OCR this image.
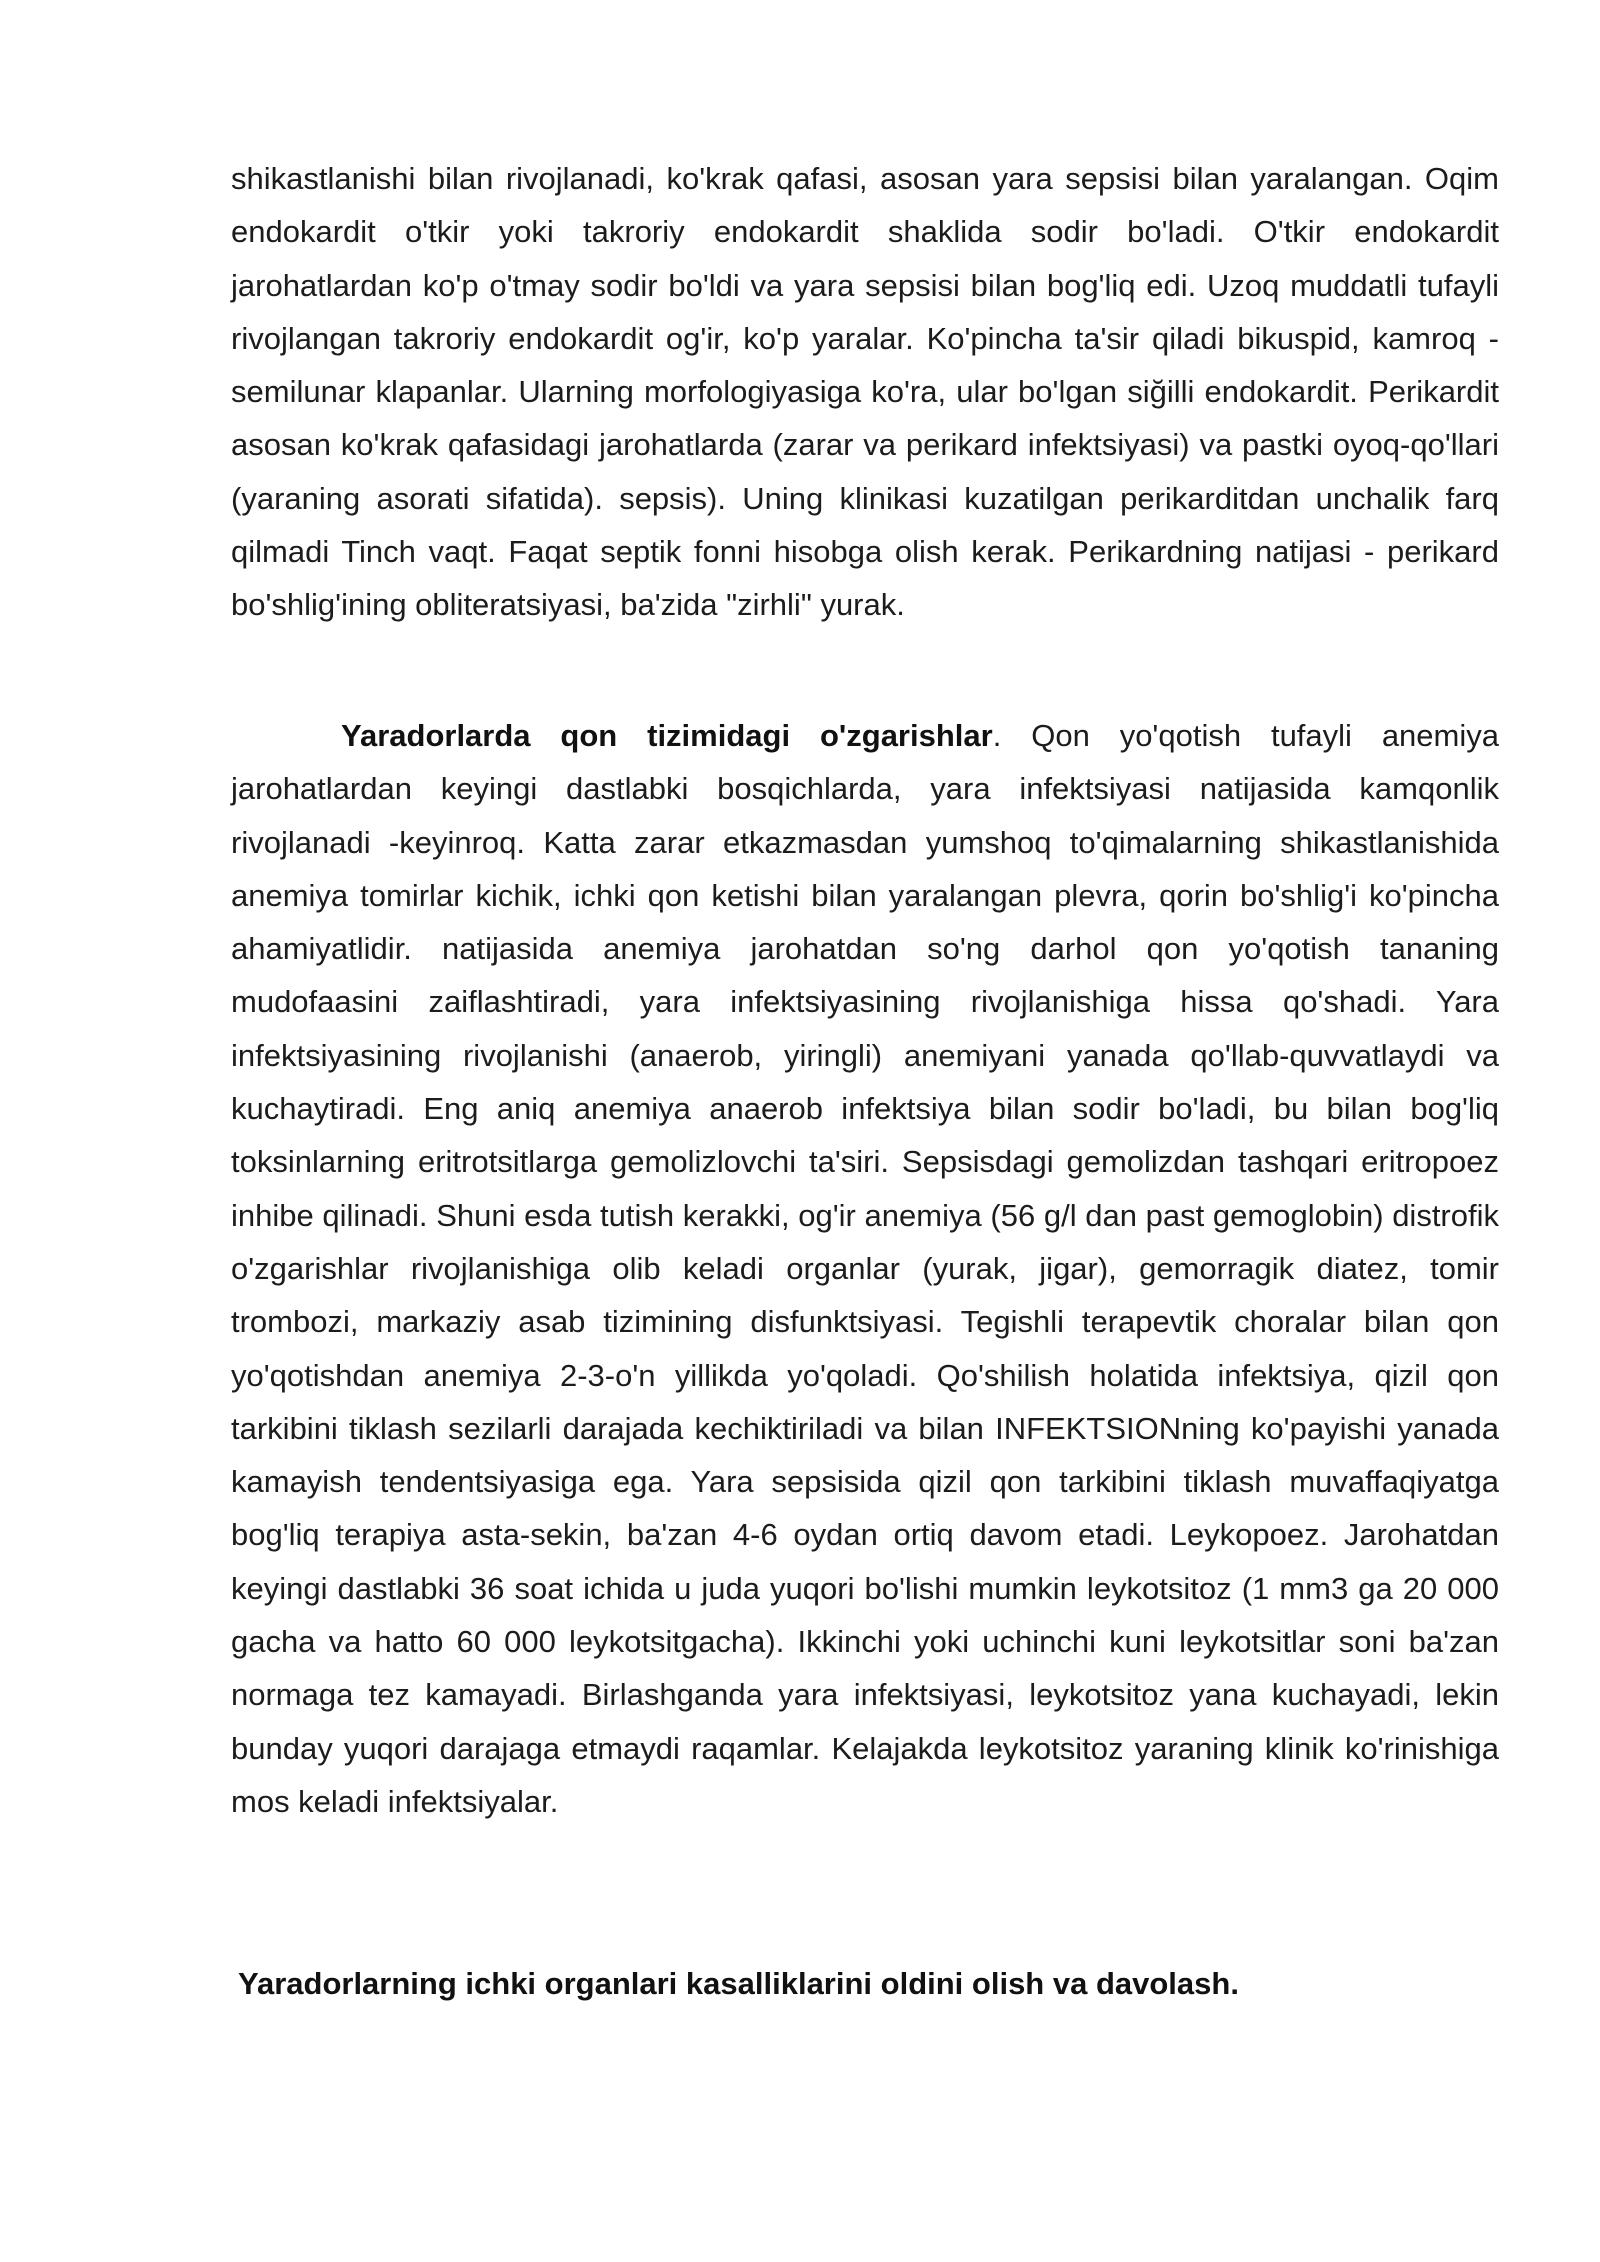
shikastlanishi bilan rivojlanadi, ko'krak qafasi, asosan yara sepsisi bilan yaralangan. Oqim endokardit o'tkir yoki takroriy endokardit shaklida sodir bo'ladi. O'tkir endokardit jarohatlardan ko'p o'tmay sodir bo'ldi va yara sepsisi bilan bog'liq edi. Uzoq muddatli tufayli rivojlangan takroriy endokardit og'ir, ko'p yaralar. Ko'pincha ta'sir qiladi bikuspid, kamroq - semilunar klapanlar. Ularning morfologiyasiga ko'ra, ular bo'lgan siğilli endokardit. Perikardit asosan ko'krak qafasidagi jarohatlarda (zarar va perikard infektsiyasi) va pastki oyoq-qo'llari (yaraning asorati sifatida). sepsis). Uning klinikasi kuzatilgan perikarditdan unchalik farq qilmadi Tinch vaqt. Faqat septik fonni hisobga olish kerak. Perikardning natijasi - perikard bo'shlig'ining obliteratsiyasi, ba'zida "zirhli" yurak.

Yaradorlarda qon tizimidagi o'zgarishlar. Qon yo'qotish tufayli anemiya jarohatlardan keyingi dastlabki bosqichlarda, yara infektsiyasi natijasida kamqonlik rivojlanadi -keyinroq. Katta zarar etkazmasdan yumshoq to'qimalarning shikastlanishida anemiya tomirlar kichik, ichki qon ketishi bilan yaralangan plevra, qorin bo'shlig'i ko'pincha ahamiyatlidir. natijasida anemiya jarohatdan so'ng darhol qon yo'qotish tananing mudofaasini zaiflashtiradi, yara infektsiyasining rivojlanishiga hissa qo'shadi. Yara infektsiyasining rivojlanishi (anaerob, yiringli) anemiyani yanada qo'llab-quvvatlaydi va kuchaytiradi. Eng aniq anemiya anaerob infektsiya bilan sodir bo'ladi, bu bilan bog'liq toksinlarning eritrotsitlarga gemolizlovchi ta'siri. Sepsisdagi gemolizdan tashqari eritropoez inhibe qilinadi. Shuni esda tutish kerakki, og'ir anemiya (56 g/l dan past gemoglobin) distrofik o'zgarishlar rivojlanishiga olib keladi organlar (yurak, jigar), gemorragik diatez, tomir trombozi, markaziy asab tizimining disfunktsiyasi. Tegishli terapevtik choralar bilan qon yo'qotishdan anemiya 2-3-o'n yillikda yo'qoladi. Qo'shilish holatida infektsiya, qizil qon tarkibini tiklash sezilarli darajada kechiktiriladi va bilan INFEKTSIONning ko'payishi yanada kamayish tendentsiyasiga ega. Yara sepsisida qizil qon tarkibini tiklash muvaffaqiyatga bog'liq terapiya asta-sekin, ba'zan 4-6 oydan ortiq davom etadi. Leykopoez. Jarohatdan keyingi dastlabki 36 soat ichida u juda yuqori bo'lishi mumkin leykotsitoz (1 mm3 ga 20 000 gacha va hatto 60 000 leykotsitgacha). Ikkinchi yoki uchinchi kuni leykotsitlar soni ba'zan normaga tez kamayadi. Birlashganda yara infektsiyasi, leykotsitoz yana kuchayadi, lekin bunday yuqori darajaga etmaydi raqamlar. Kelajakda leykotsitoz yaraning klinik ko'rinishiga mos keladi infektsiyalar.

Yaradorlarning ichki organlari kasalliklarini oldini olish va davolash.
